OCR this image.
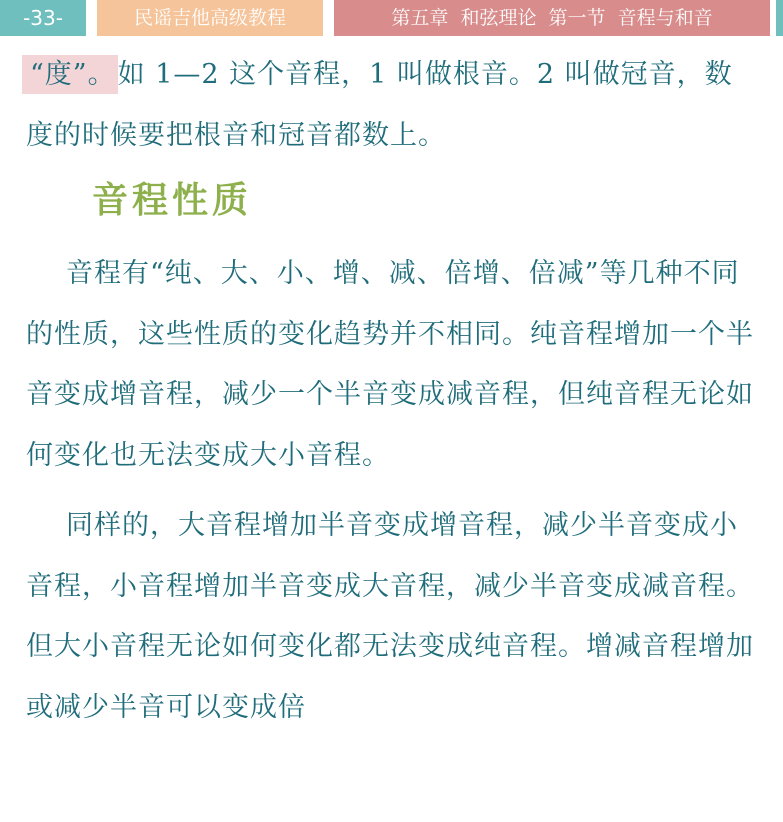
-33-	民谣吉他高级教程	第五章  和弦理论  第一节  音程与和音

“度”。如 1—2 这个音程，1 叫做根音。2 叫做冠音，数度的时候要把根音和冠音都数上。

音程性质

音程有“纯、大、小、增、减、倍增、倍减”等几种不同的性质，这些性质的变化趋势并不相同。纯音程增加一个半音变成增音程，减少一个半音变成减音程，但纯音程无论如何变化也无法变成大小音程。

同样的，大音程增加半音变成增音程，减少半音变成小音程，小音程增加半音变成大音程，减少半音变成减音程。但大小音程无论如何变化都无法变成纯音程。增减音程增加或减少半音可以变成倍
